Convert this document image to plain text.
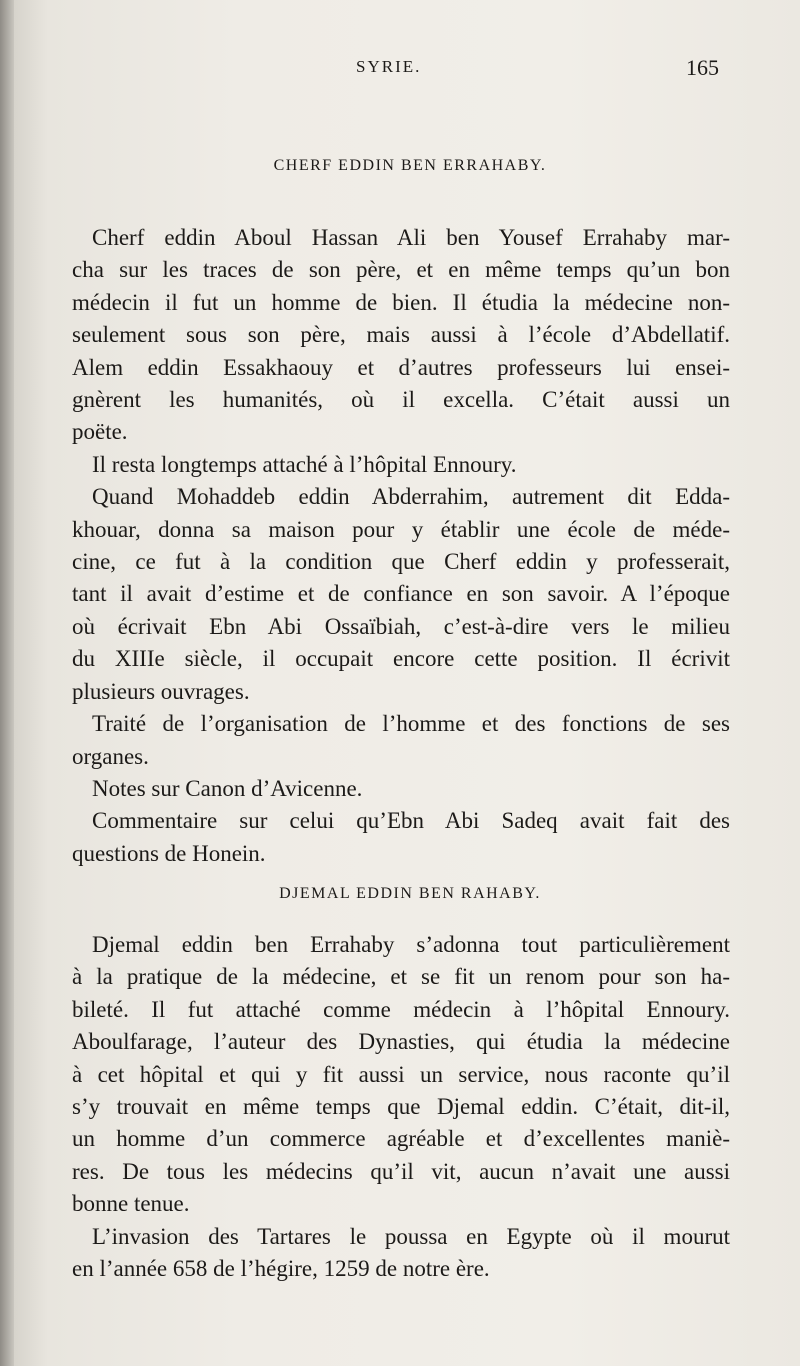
SYRIE.	165
CHERF EDDIN BEN ERRAHABY.
Cherf eddin Aboul Hassan Ali ben Yousef Errahaby mar-
cha sur les traces de son père, et en même temps qu’un bon
médecin il fut un homme de bien. Il étudia la médecine non-
seulement sous son père, mais aussi à l’école d’Abdellatif.
Alem eddin Essakhaouy et d’autres professeurs lui ensei-
gnèrent les humanités, où il excella. C’était aussi un
poëte.
Il resta longtemps attaché à l’hôpital Ennoury.
Quand Mohaddeb eddin Abderrahim, autrement dit Edda-
khouar, donna sa maison pour y établir une école de méde-
cine, ce fut à la condition que Cherf eddin y professerait,
tant il avait d’estime et de confiance en son savoir. A l’époque
où écrivait Ebn Abi Ossaïbiah, c’est-à-dire vers le milieu
du XIIIe siècle, il occupait encore cette position. Il écrivit
plusieurs ouvrages.
Traité de l’organisation de l’homme et des fonctions de ses
organes.
Notes sur Canon d’Avicenne.
Commentaire sur celui qu’Ebn Abi Sadeq avait fait des
questions de Honein.
DJEMAL EDDIN BEN RAHABY.
Djemal eddin ben Errahaby s’adonna tout particulièrement
à la pratique de la médecine, et se fit un renom pour son ha-
bileté. Il fut attaché comme médecin à l’hôpital Ennoury.
Aboulfarage, l’auteur des Dynasties, qui étudia la médecine
à cet hôpital et qui y fit aussi un service, nous raconte qu’il
s’y trouvait en même temps que Djemal eddin. C’était, dit-il,
un homme d’un commerce agréable et d’excellentes maniè-
res. De tous les médecins qu’il vit, aucun n’avait une aussi
bonne tenue.
L’invasion des Tartares le poussa en Egypte où il mourut
en l’année 658 de l’hégire, 1259 de notre ère.
